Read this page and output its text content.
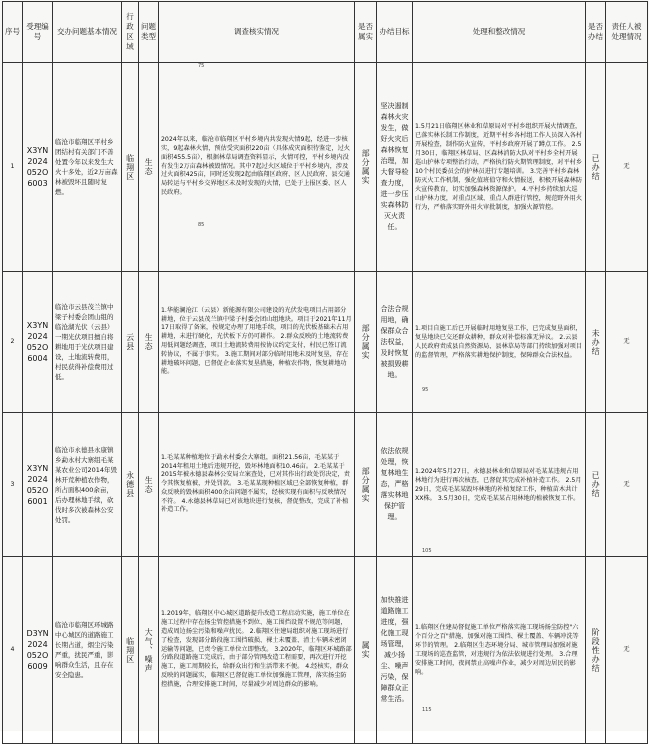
序号	受理编号	交办问题基本情况	行政区域	问题类型	调查核实情况	是否属实	办结目标	处理和整改情况	是否办结	责任人被处理情况
1	X3YN2024052O6003	临沧市临翔区平村乡团结村有关部门不善处置今年以来发生大火十多处，近2万亩森林被毁坏且随时复燃。	临翔区	生态	2024年以来，临沧市临翔区平村乡境内共发现火情9起，经进一步核实，9起森林火情，预估受灾面积220亩（具体成灾面积待鉴定，过火面积455.5亩），根据林草局调查资料显示，火情可控，平村乡境内没有发生2万亩森林被毁情况。其中7起过火区域位于平村乡境内，涉及过火面积425亩，同时还发现2起由临翔区政府、区人民政府、县交通局转运与平村乡交界地区未及时发现的火情，已处于上报区委、区人民政府。	部分属实	坚决遏制森林火灾发生，做好火灾后森林恢复治理，加大督导检查力度，进一步压实森林防灭火责任。	1.5月21日临翔区林业和草原局对平村乡组织开展火情调查，已落实林长制工作制度，近期平村乡各村组工作人员深入各村开展检查，制作防火宣传，平村乡政府开展了蹲点工作。 2.5月30日，临翔区林草局、区森林消防大队对平村乡全村开展巡山护林专项整治行动，严格执行防火期管理制度，对平村乡10个村民委员会的护林员进行专题培训。 3.完善平村乡森林防灭火工作机制，强化值班值守和火情报送，积极开展森林防火宣传教育，切实加强森林资源保护。 4.平村乡持续加大巡山护林力度，对重点区域、重点人群进行管控，规范野外用火行为，严格落实野外用火审批制度，加强火源管控。	已办结	无
2	X3YN2024052O6004	临沧市云县茂兰镇中梁子村委会团山组的临沧湖光伏（云县）一期光伏项目擅自将耕地用于光伏项目建设，土地流转费用，村民获得补偿费用过低。	云县	生态	1.华能澜沧江（云县）新能源有限公司建设的光伏发电项目占用部分耕地，位于云县茂兰镇中梁子村委会团山组地块。项目于2021年11月17日取得了备案，按规定办理了用地手续，项目的光伏板基础未占用耕地，未进行硬化，光伏板下方仍可耕作。 2.群众反映的土地流转费用低问题经调查，项目土地流转费用按协议约定支付，村民已签订流转协议，不属于事实。 3.施工期间对部分临时用地未及时复垦，存在耕地破坏问题，已督促企业落实复垦措施，种植农作物，恢复耕地功能。	部分属实	合法合规用地，确保群众合法权益，及时恢复被损毁耕地。	1.项目自施工后已开展临时用地复垦工作，已完成复垦面积，复垦地块已交还群众耕种，群众对补偿标准无异议。 2.云县人民政府责成县自然资源局、县林草局等部门持续加强对项目的监督管理，严格落实耕地保护制度，保障群众合法权益。	未办结	无
3	X3YN2024052O6001	临沧市永德县永康镇乡勐永村大寨组毛某某农业公司2014年毁林开荒种植农作物，所占面积400余亩，后办理林地手续，砍伐时多次被森林公安处罚。	永德县	生态	1.毛某某种植地位于勐永村委会大寨组，面积21.56亩，毛某某于2014年租用土地后违规开挖，毁坏林地面积10.46亩。 2.毛某某于2015年被永德县森林公安局立案查处，已对其作出行政处罚决定，责令其恢复植被，并处罚款。 3.毛某某现种植区域已全部恢复种植，群众反映的毁林面积400余亩问题不属实，经核实现有面积与反映情况不符。 4.永德县林草局已对该地块进行复核，督促整改，完成了补植补造工作。	部分属实	依法依规处理，恢复林地生态，严格落实林地保护管理。	1.2024年5月27日，永德县林业和草原局对毛某某违规占用林地行为进行再次核查，已督促其完成补植补造工作。 2.5月29日，完成毛某某毁坏林地的补植复绿工作，种植苗木共计XX株。 3.5月30日，完成毛某某占用林地的植被恢复工作。	已办结	无
4	D3YN2024052O6009	临沧市临翔区环城路中心城区的道路施工长期占道，烟尘污染严重，扰民严重，影响群众生活，且存在安全隐患。	临翔区	大气、噪声	1.2019年，临翔区中心城区道路提升改造工程启动实施，施工单位在施工过程中存在扬尘管控措施不到位、施工围挡设置不规范等问题，造成周边扬尘污染和噪声扰民。 2.临翔区住建局组织对施工现场进行了检查，发现部分路段施工围挡破损、裸土未覆盖、渣土车辆未密闭运输等问题，已责令施工单位立即整改。 3.2020年，临翔区环城路部分路段道路施工完成后，由于部分管网改造工程需要，再次进行开挖施工，施工周期较长，给群众出行和生活带来不便。 4.经核实，群众反映的问题属实，临翔区已督促施工单位加强施工管理，落实扬尘防控措施，合理安排施工时间，尽量减少对周边群众的影响。	属实	加快推进道路施工进度，强化施工现场管理，减少扬尘、噪声污染，保障群众正常生活。	1.临翔区住建局督促施工单位严格落实施工现场扬尘防控"六个百分之百"措施，加强对施工围挡、裸土覆盖、车辆冲洗等环节的管理。 2.临翔区生态环境分局、城市管理局加强对施工现场的巡查监管，对违规行为依法依规进行处理。 3.合理安排施工时间，夜间禁止高噪声作业，减少对周边居民的影响。	阶段性办结	无
75
85
95
105
115
